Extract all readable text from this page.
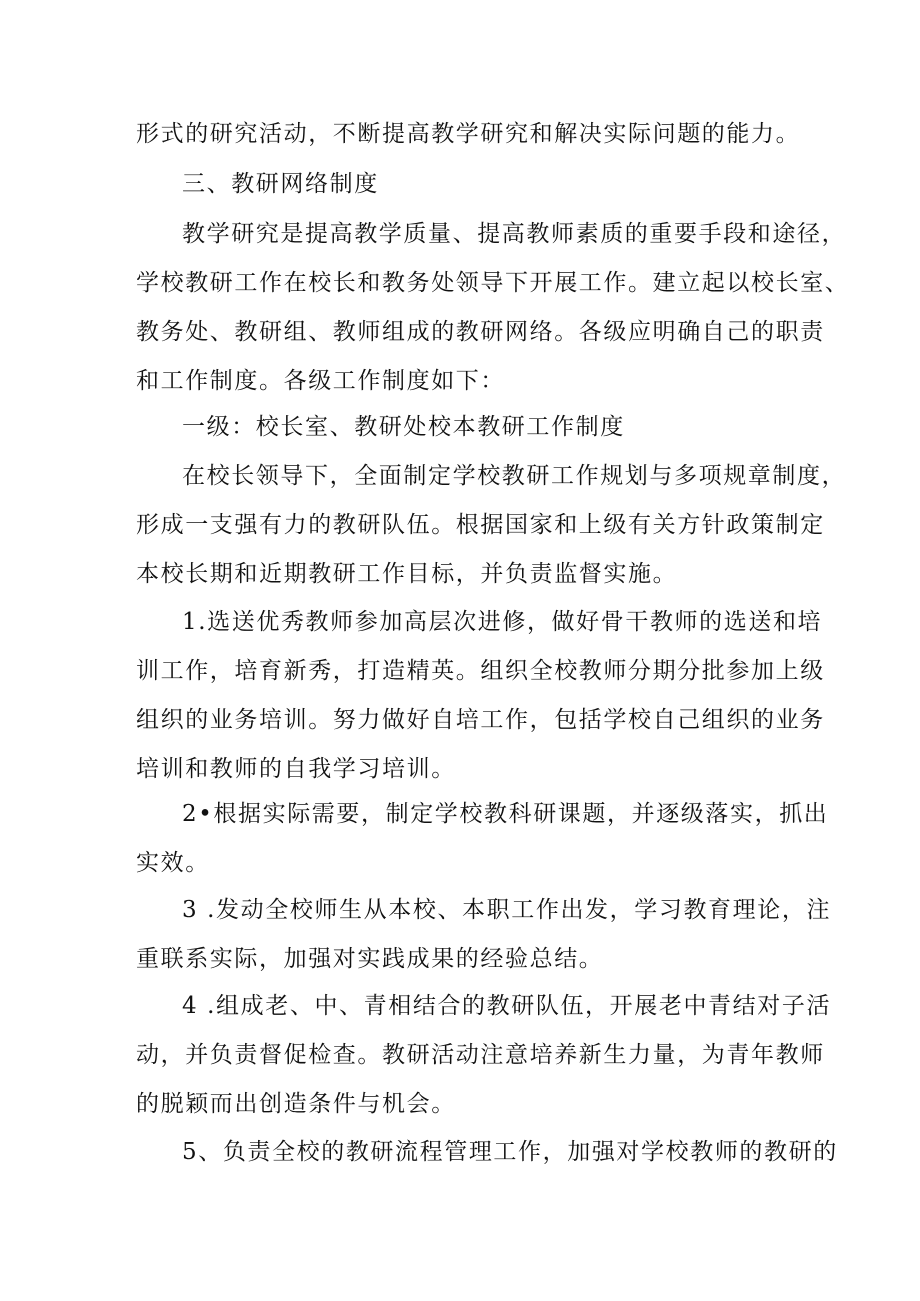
形式的研究活动，不断提高教学研究和解决实际问题的能力。
三、教研网络制度
教学研究是提高教学质量、提高教师素质的重要手段和途径，
学校教研工作在校长和教务处领导下开展工作。建立起以校长室、
教务处、教研组、教师组成的教研网络。各级应明确自己的职责
和工作制度。各级工作制度如下：
一级：校长室、教研处校本教研工作制度
在校长领导下，全面制定学校教研工作规划与多项规章制度，
形成一支强有力的教研队伍。根据国家和上级有关方针政策制定
本校长期和近期教研工作目标，并负责监督实施。
1.选送优秀教师参加高层次进修，做好骨干教师的选送和培
训工作，培育新秀，打造精英。组织全校教师分期分批参加上级
组织的业务培训。努力做好自培工作，包括学校自己组织的业务
培训和教师的自我学习培训。
2•根据实际需要，制定学校教科研课题，并逐级落实，抓出
实效。
3 .发动全校师生从本校、本职工作出发，学习教育理论，注
重联系实际，加强对实践成果的经验总结。
4 .组成老、中、青相结合的教研队伍，开展老中青结对子活
动，并负责督促检查。教研活动注意培养新生力量，为青年教师
的脱颖而出创造条件与机会。
5、负责全校的教研流程管理工作，加强对学校教师的教研的
